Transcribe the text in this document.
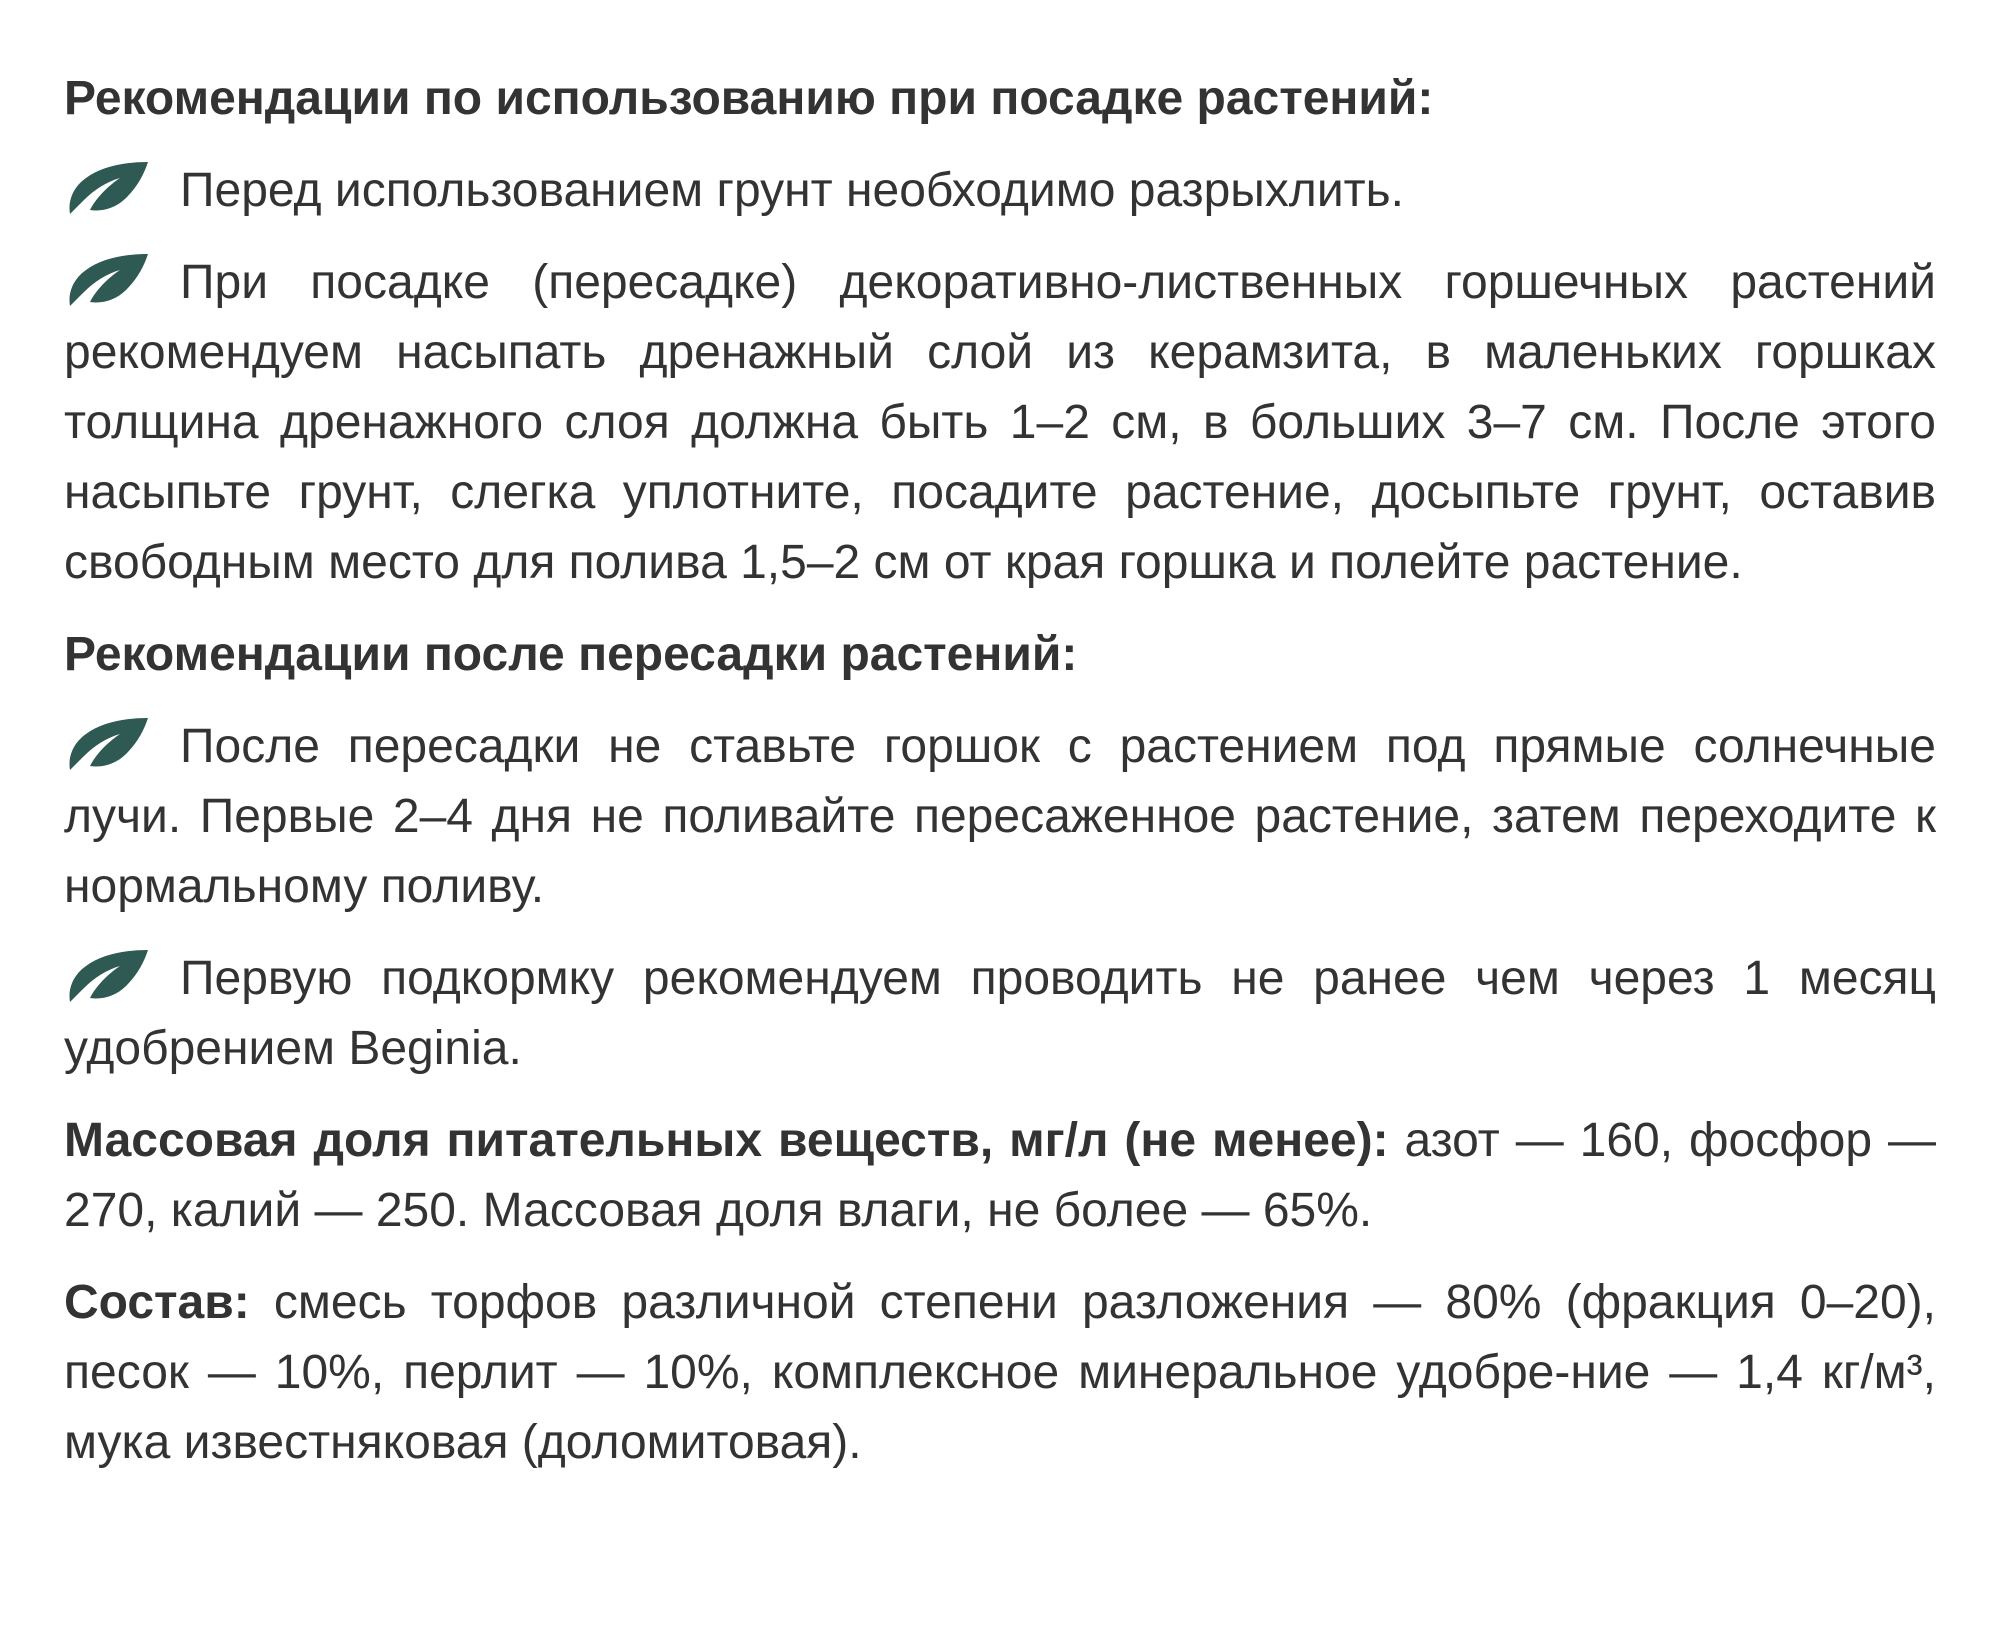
Рекомендации по использованию при посадке растений:

Перед использованием грунт необходимо разрыхлить.

При посадке (пересадке) декоративно-лиственных горшечных растений рекомендуем насыпать дренажный слой из керамзита, в маленьких горшках толщина дренажного слоя должна быть 1–2 см, в больших 3–7 см. После этого насыпьте грунт, слегка уплотните, посадите растение, досыпьте грунт, оставив свободным место для полива 1,5–2 см от края горшка и полейте растение.

Рекомендации после пересадки растений:

После пересадки не ставьте горшок с растением под прямые солнечные лучи. Первые 2–4 дня не поливайте пересаженное растение, затем переходите к нормальному поливу.

Первую подкормку рекомендуем проводить не ранее чем через 1 месяц удобрением Beginia.

Массовая доля питательных веществ, мг/л (не менее): азот — 160, фосфор — 270, калий — 250. Массовая доля влаги, не более — 65%.

Состав: смесь торфов различной степени разложения — 80% (фракция 0–20), песок — 10%, перлит — 10%, комплексное минеральное удобре-ние — 1,4 кг/м³, мука известняковая (доломитовая).
